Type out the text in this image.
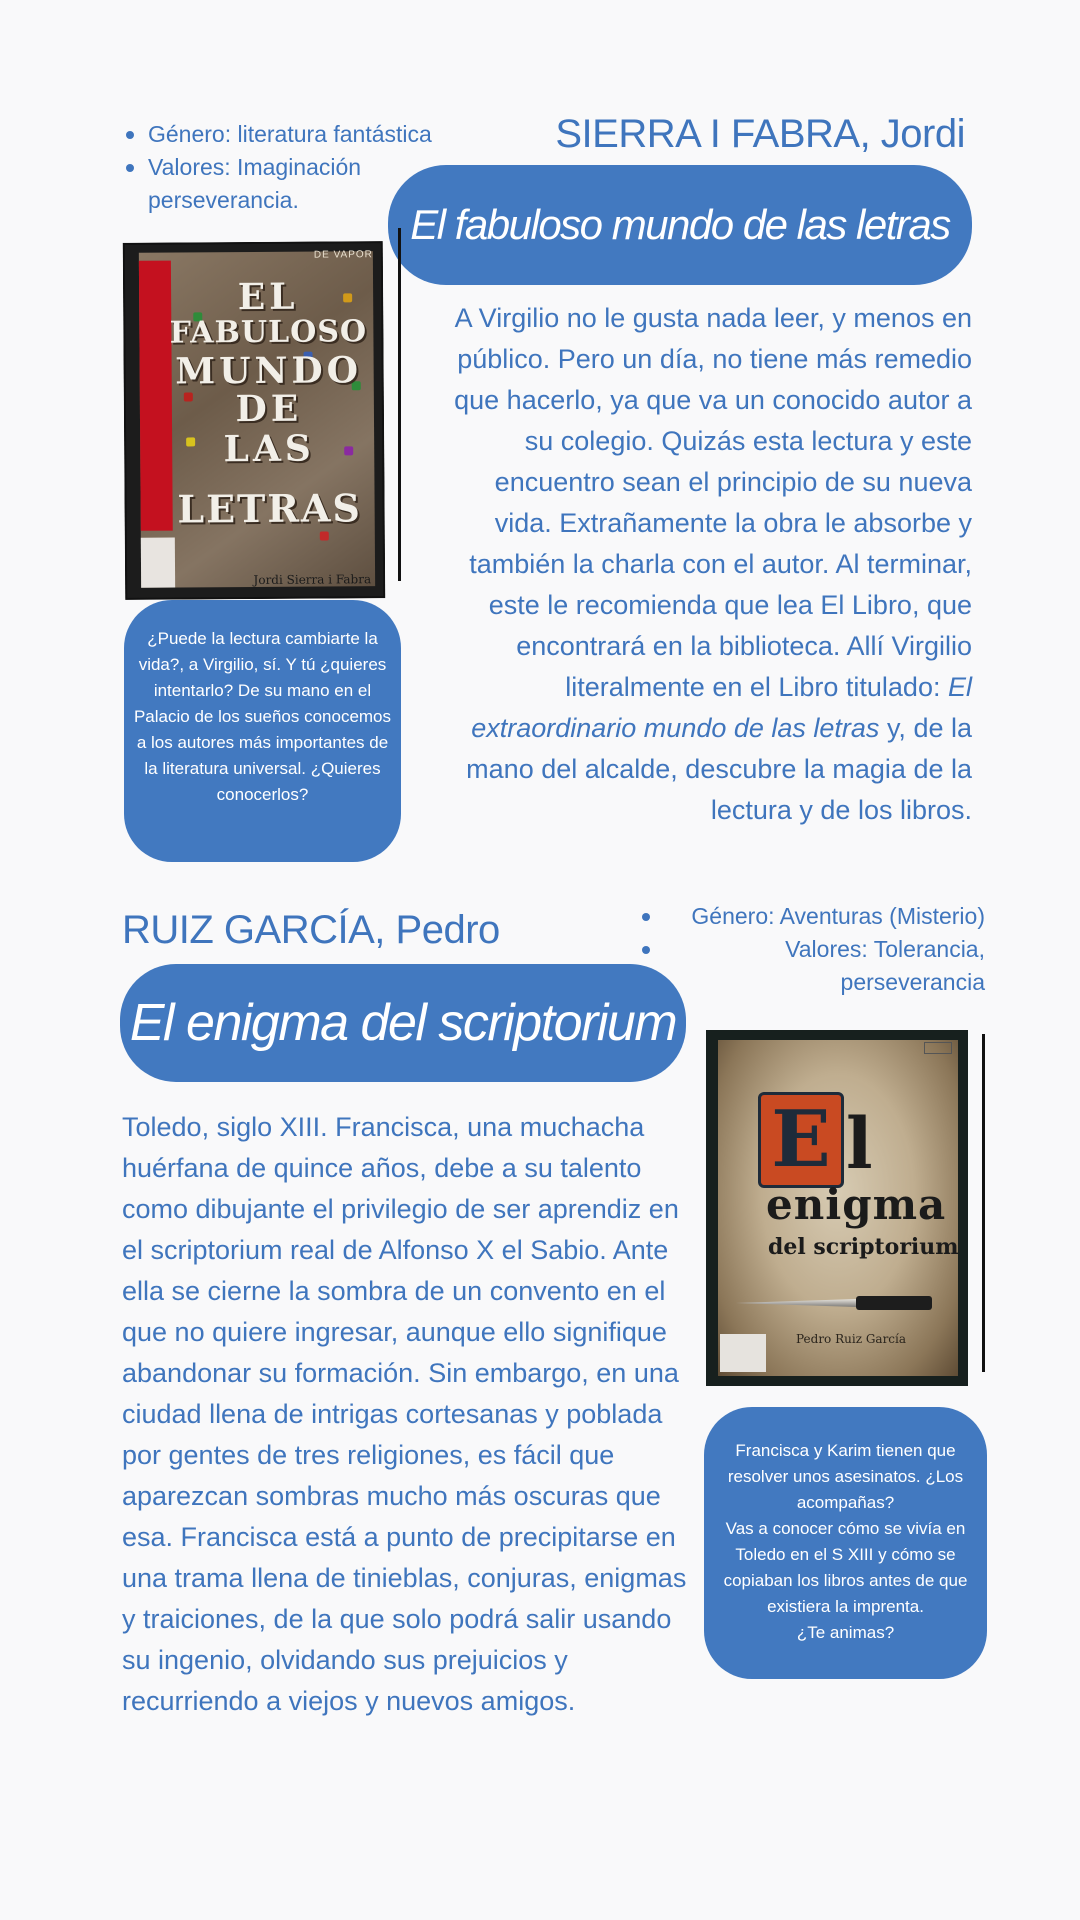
Género: literatura fantástica
Valores: Imaginación perseverancia.
SIERRA I FABRA, Jordi
El fabuloso mundo de las letras
DE VAPOR
EL
FABULOSO
MUNDO
DE
LAS
LETRAS
Jordi Sierra i Fabra
A Virgilio no le gusta nada leer, y menos en público. Pero un día, no tiene más remedio que hacerlo, ya que va un conocido autor a su colegio. Quizás esta lectura y este encuentro sean el principio de su nueva vida. Extrañamente la obra le absorbe y también la charla con el autor. Al terminar, este le recomienda que lea El Libro, que encontrará en la biblioteca. Allí Virgilio literalmente en el Libro titulado: El extraordinario mundo de las letras y, de la mano del alcalde, descubre la magia de la lectura y de los libros.
¿Puede la lectura cambiarte la vida?, a Virgilio, sí. Y tú ¿quieres intentarlo? De su mano en el Palacio de los sueños conocemos a los autores más importantes de la literatura universal. ¿Quieres conocerlos?
RUIZ GARCÍA, Pedro	Género: Aventuras (Misterio)
Valores: Tolerancia, perseverancia
El enigma del scriptorium
Toledo, siglo XIII. Francisca, una muchacha huérfana de quince años, debe a su talento como dibujante el privilegio de ser aprendiz en el scriptorium real de Alfonso X el Sabio. Ante ella se cierne la sombra de un convento en el que no quiere ingresar, aunque ello signifique abandonar su formación. Sin embargo, en una ciudad llena de intrigas cortesanas y poblada por gentes de tres religiones, es fácil que aparezcan sombras mucho más oscuras que esa. Francisca está a punto de precipitarse en una trama llena de tinieblas, conjuras, enigmas y traiciones, de la que solo podrá salir usando su ingenio, olvidando sus prejuicios y recurriendo a viejos y nuevos amigos.
E l
enigma
del scriptorium
Pedro Ruiz García
Francisca y Karim tienen que resolver unos asesinatos. ¿Los acompañas?
Vas a conocer cómo se vivía en Toledo en el S XIII y cómo se copiaban los libros antes de que existiera la imprenta.
¿Te animas?
